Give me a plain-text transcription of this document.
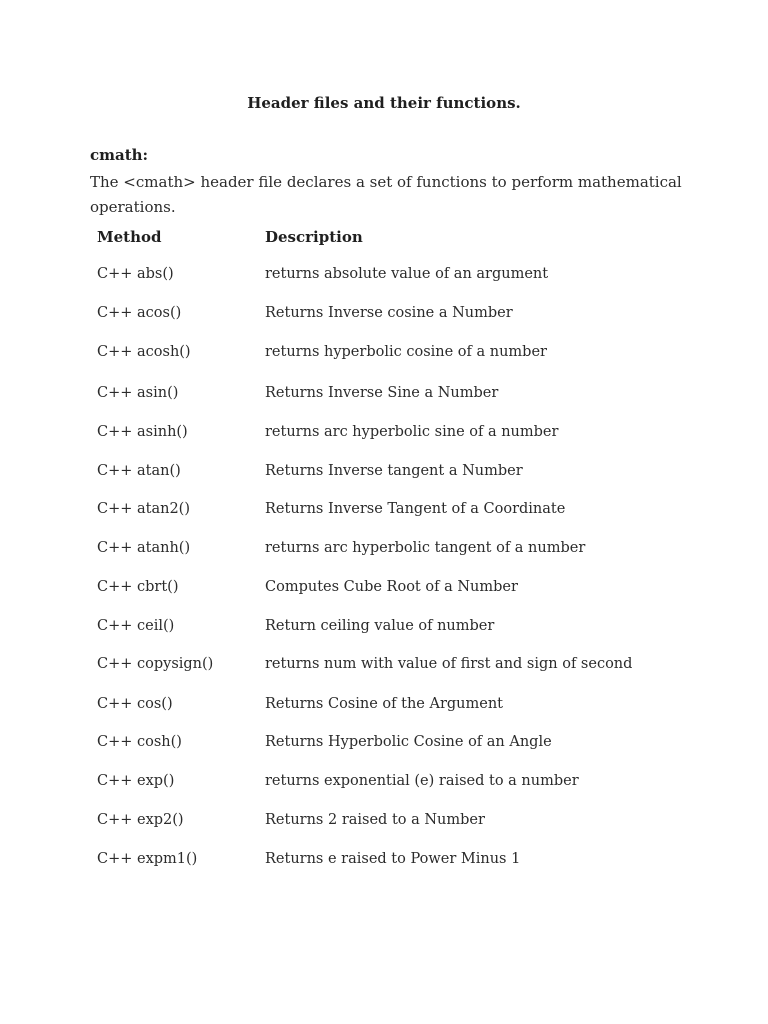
Header files and their functions.
cmath:
The <cmath> header file declares a set of functions to perform mathematical operations.
Method	Description
C++ abs()	returns absolute value of an argument
C++ acos()	Returns Inverse cosine a Number
C++ acosh()	returns hyperbolic cosine of a number
C++ asin()	Returns Inverse Sine a Number
C++ asinh()	returns arc hyperbolic sine of a number
C++ atan()	Returns Inverse tangent a Number
C++ atan2()	Returns Inverse Tangent of a Coordinate
C++ atanh()	returns arc hyperbolic tangent of a number
C++ cbrt()	Computes Cube Root of a Number
C++ ceil()	Return ceiling value of number
C++ copysign()	returns num with value of first and sign of second
C++ cos()	Returns Cosine of the Argument
C++ cosh()	Returns Hyperbolic Cosine of an Angle
C++ exp()	returns exponential (e) raised to a number
C++ exp2()	Returns 2 raised to a Number
C++ expm1()	Returns e raised to Power Minus 1
